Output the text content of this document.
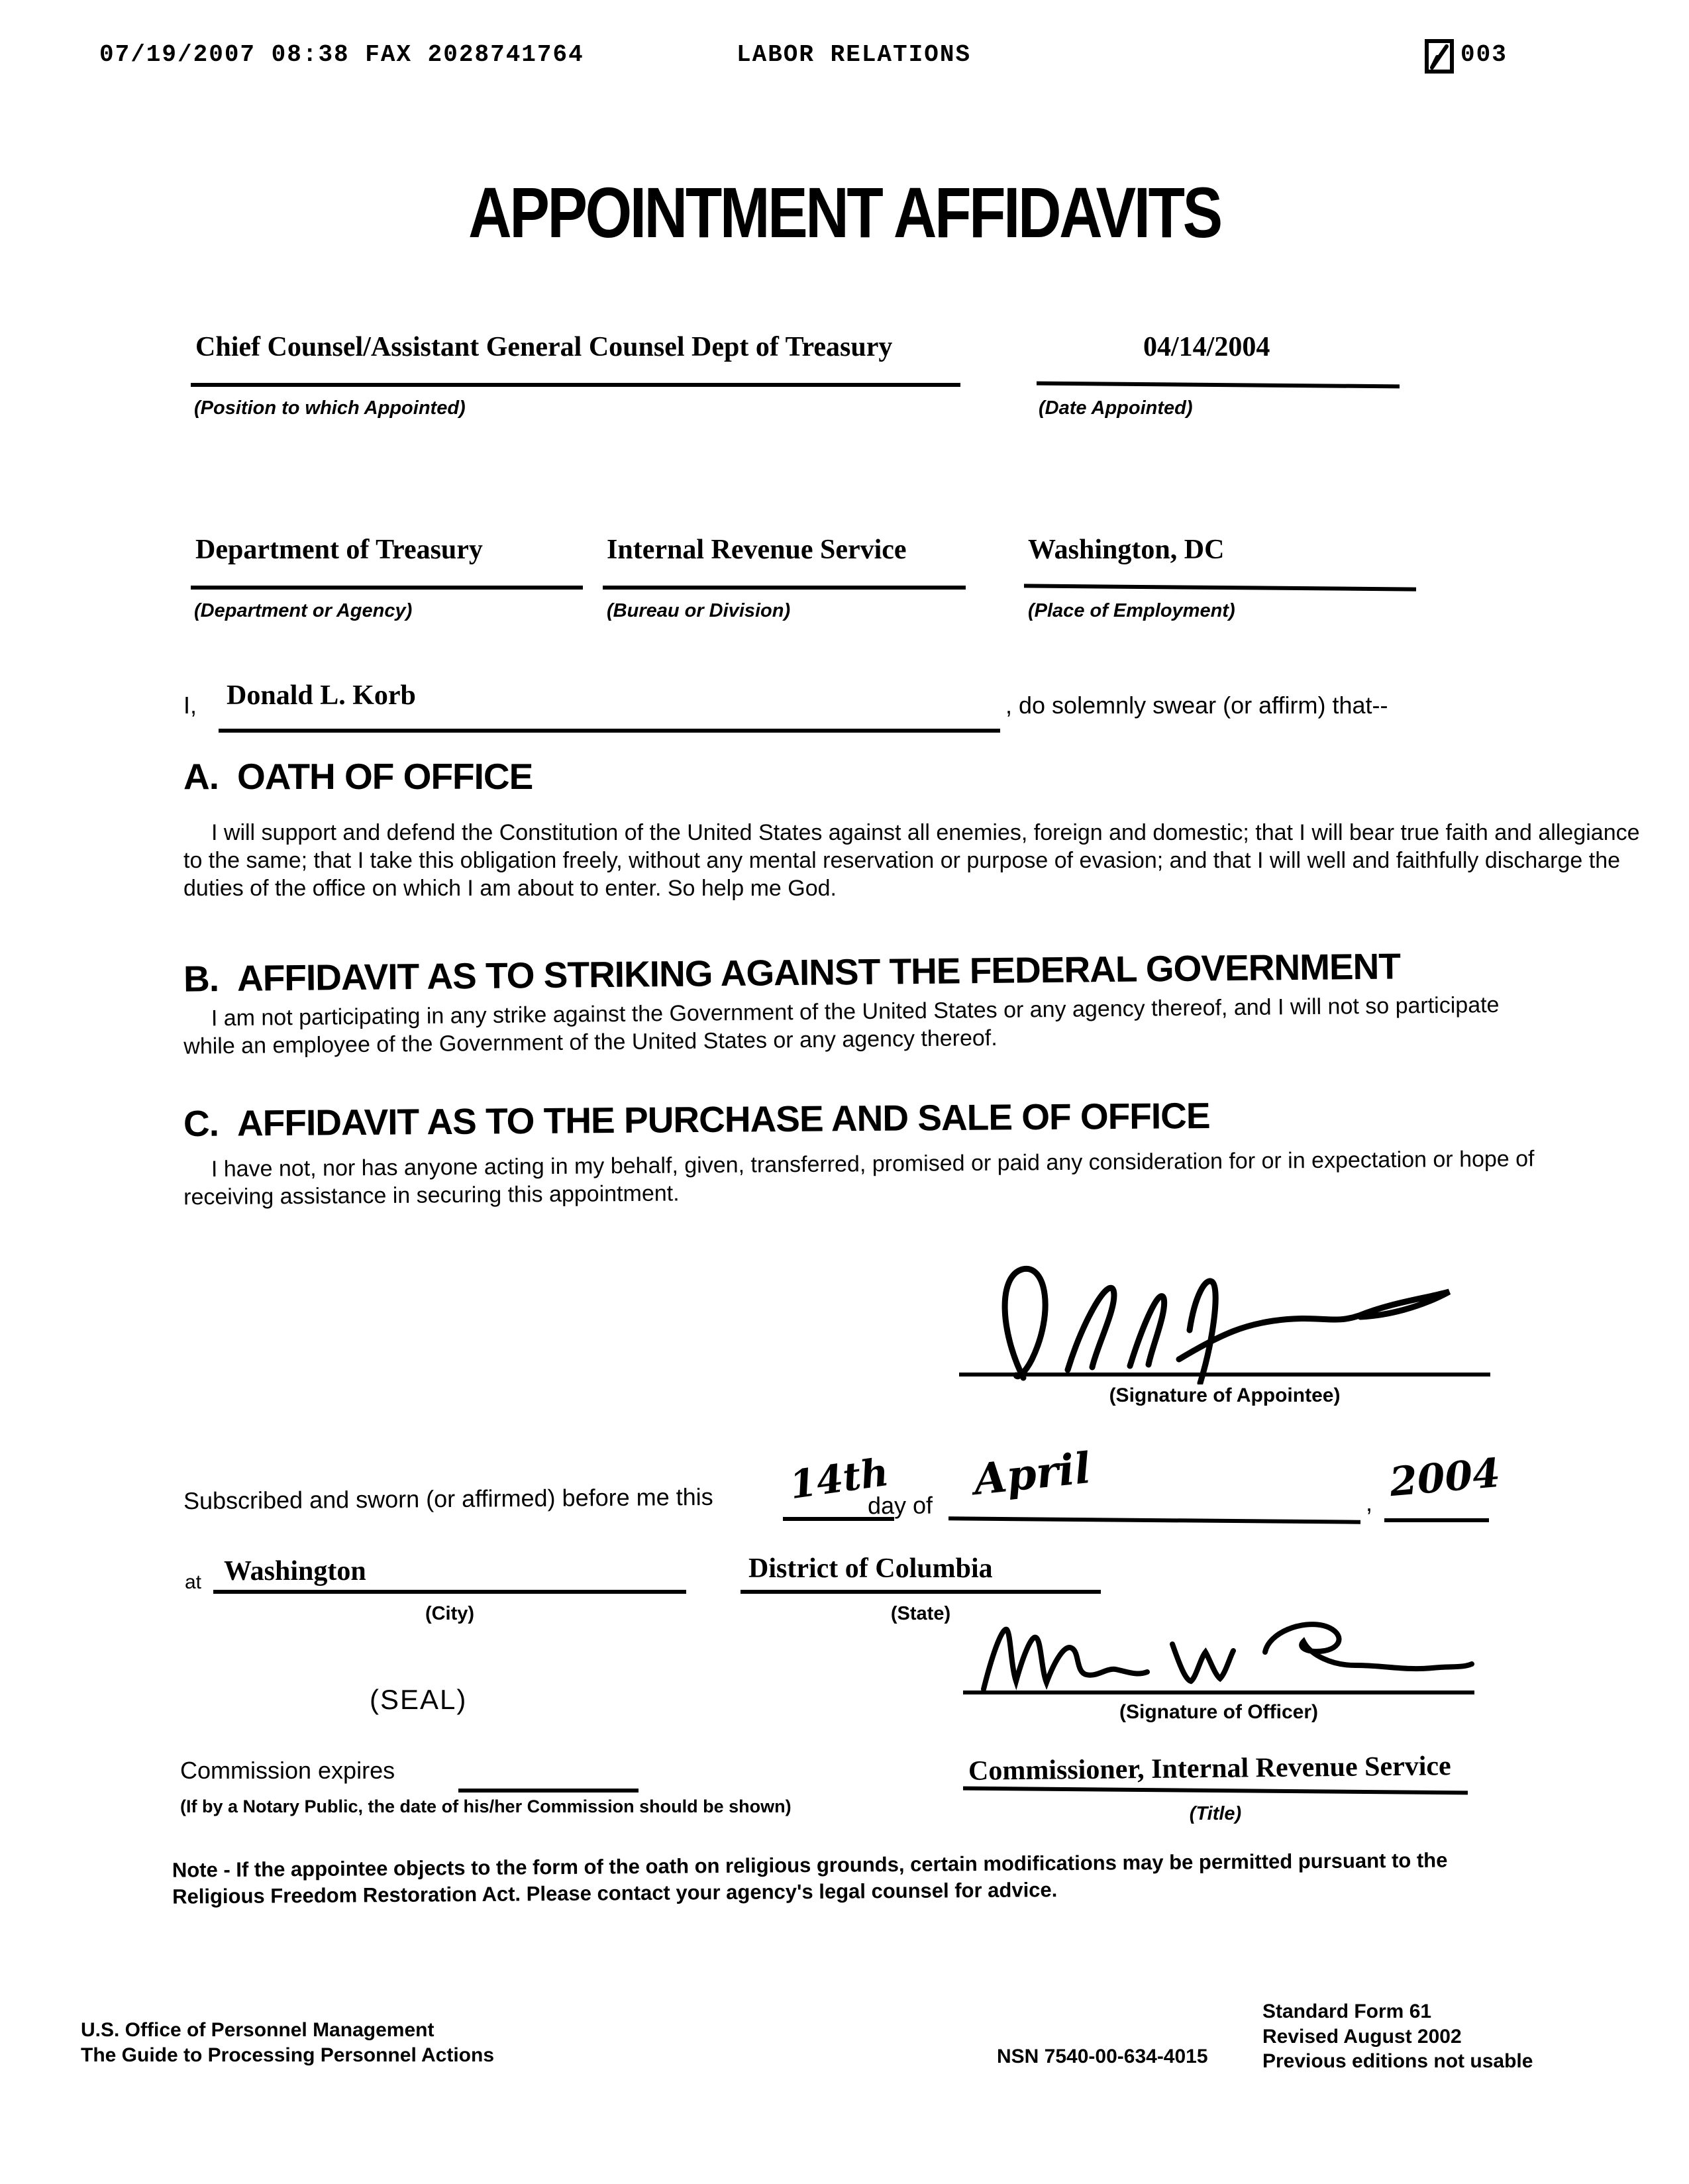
07/19/2007 08:38 FAX 2028741764	LABOR RELATIONS	003
APPOINTMENT AFFIDAVITS
Chief Counsel/Assistant General Counsel Dept of Treasury
(Position to which Appointed)
04/14/2004
(Date Appointed)
Department of Treasury
(Department or Agency)
Internal Revenue Service
(Bureau or Division)
Washington, DC
(Place of Employment)
I, Donald L. Korb	, do solemnly swear (or affirm) that--
A. OATH OF OFFICE
I will support and defend the Constitution of the United States against all enemies, foreign and domestic; that I will bear true faith and allegiance to the same; that I take this obligation freely, without any mental reservation or purpose of evasion; and that I will well and faithfully discharge the duties of the office on which I am about to enter. So help me God.
B. AFFIDAVIT AS TO STRIKING AGAINST THE FEDERAL GOVERNMENT
I am not participating in any strike against the Government of the United States or any agency thereof, and I will not so participate while an employee of the Government of the United States or any agency thereof.
C. AFFIDAVIT AS TO THE PURCHASE AND SALE OF OFFICE
I have not, nor has anyone acting in my behalf, given, transferred, promised or paid any consideration for or in expectation or hope of receiving assistance in securing this appointment.
(Signature of Appointee)
Subscribed and sworn (or affirmed) before me this 14th
day of
April	, 2004
at Washington
(City)
District of Columbia
(State)
(Signature of Officer)
(SEAL)
Commission expires
(If by a Notary Public, the date of his/her Commission should be shown)
Commissioner, Internal Revenue Service
(Title)
Note - If the appointee objects to the form of the oath on religious grounds, certain modifications may be permitted pursuant to the Religious Freedom Restoration Act. Please contact your agency's legal counsel for advice.
U.S. Office of Personnel Management
The Guide to Processing Personnel Actions	NSN 7540-00-634-4015
Standard Form 61
Revised August 2002
Previous editions not usable
